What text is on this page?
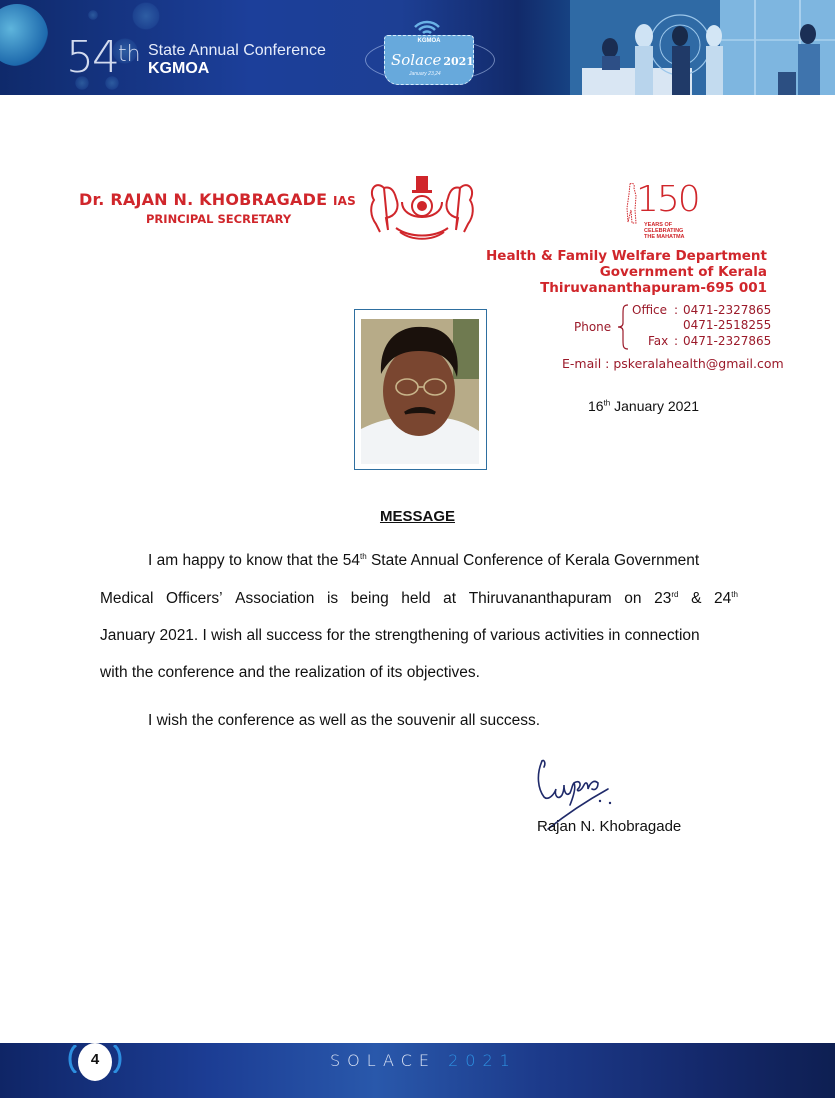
54 th State Annual Conference
KGMOA
KGMOA
Solace 2021
January 23,24
Dr. RAJAN N. KHOBRAGADE IAS
PRINCIPAL SECRETARY	150
YEARS OF
CELEBRATING
THE MAHATMA
Health & Family Welfare Department
Government of Kerala
Thiruvananthapuram-695 001
Phone
Office : 0471-2327865
0471-2518255
Fax : 0471-2327865
E-mail : pskeralahealth@gmail.com
16th January 2021
MESSAGE
I am happy to know that the 54th State Annual Conference of Kerala Government
Medical Officers’ Association is being held at Thiruvananthapuram on 23rd & 24th
January 2021. I wish all success for the strengthening of various activities in connection
with the conference and the realization of its objectives.
I wish the conference as well as the souvenir all success.
Rajan N. Khobragade
4	SOLACE 2021
